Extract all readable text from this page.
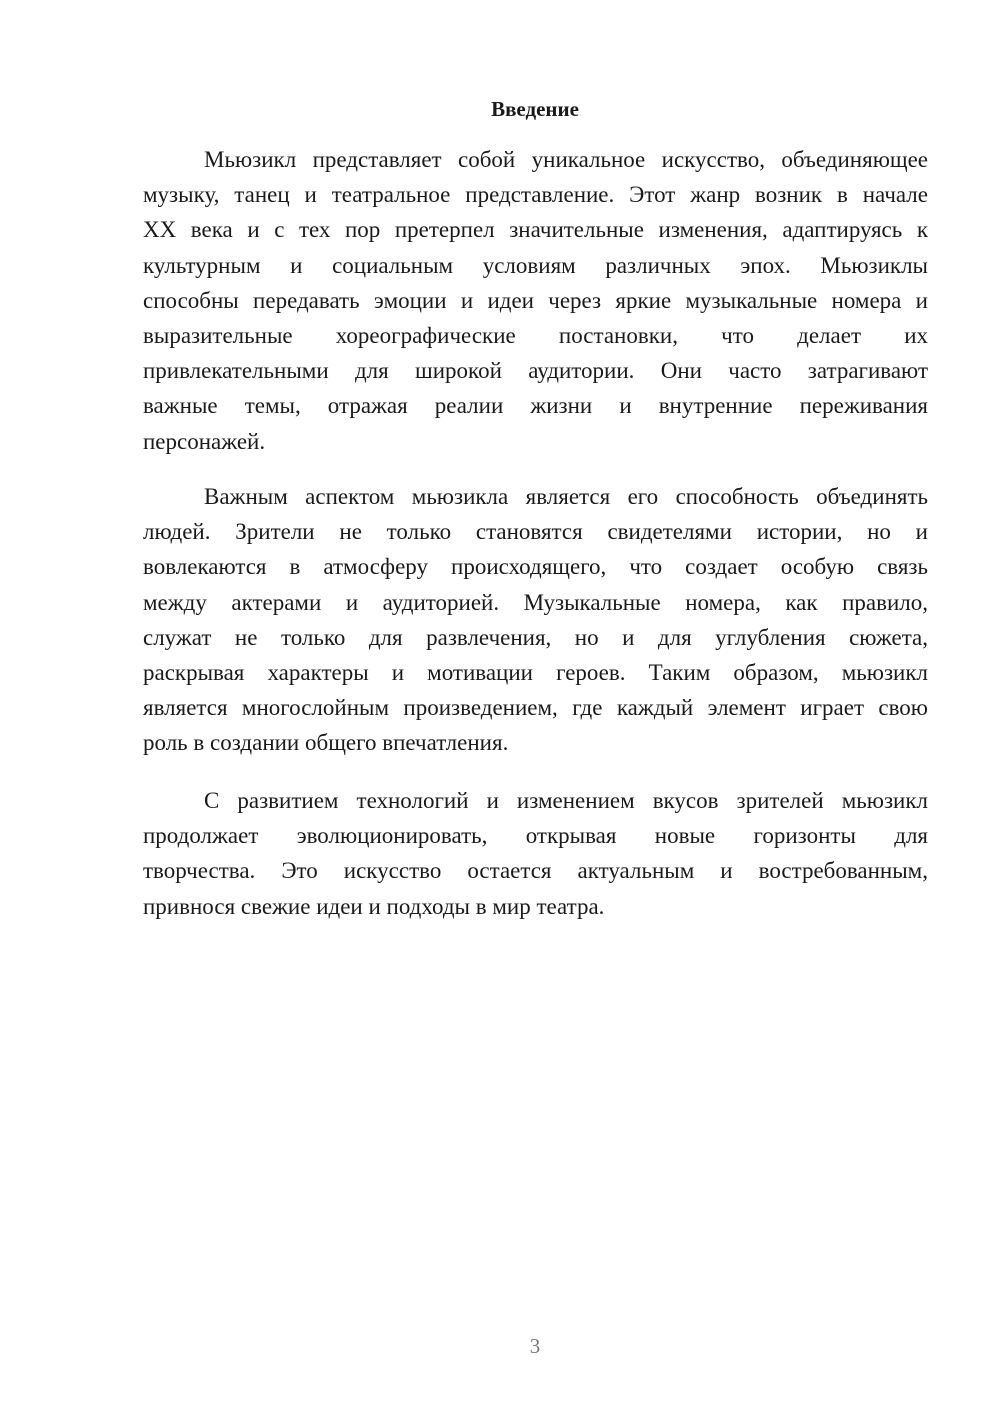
Введение
Мьюзикл представляет собой уникальное искусство, объединяющее
музыку, танец и театральное представление. Этот жанр возник в начале
XX века и с тех пор претерпел значительные изменения, адаптируясь к
культурным и социальным условиям различных эпох. Мьюзиклы
способны передавать эмоции и идеи через яркие музыкальные номера и
выразительные хореографические постановки, что делает их
привлекательными для широкой аудитории. Они часто затрагивают
важные темы, отражая реалии жизни и внутренние переживания
персонажей.
Важным аспектом мьюзикла является его способность объединять
людей. Зрители не только становятся свидетелями истории, но и
вовлекаются в атмосферу происходящего, что создает особую связь
между актерами и аудиторией. Музыкальные номера, как правило,
служат не только для развлечения, но и для углубления сюжета,
раскрывая характеры и мотивации героев. Таким образом, мьюзикл
является многослойным произведением, где каждый элемент играет свою
роль в создании общего впечатления.
С развитием технологий и изменением вкусов зрителей мьюзикл
продолжает эволюционировать, открывая новые горизонты для
творчества. Это искусство остается актуальным и востребованным,
привнося свежие идеи и подходы в мир театра.
3
